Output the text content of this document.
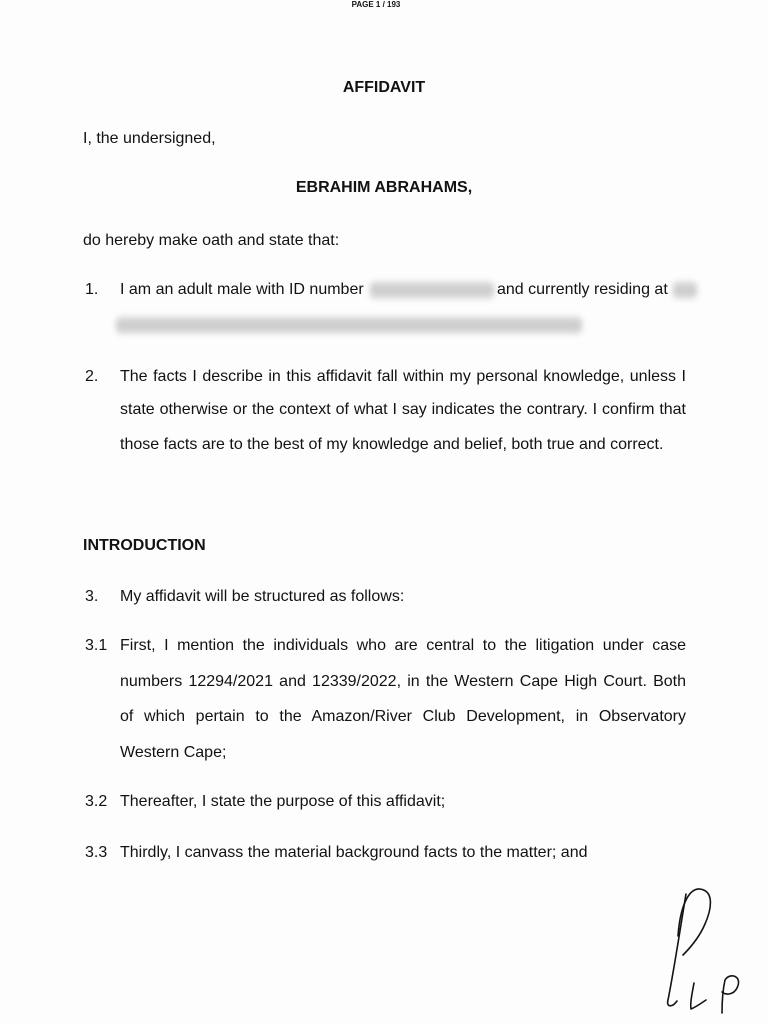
PAGE 1 / 193
AFFIDAVIT
I, the undersigned,
EBRAHIM ABRAHAMS,
do hereby make oath and state that:
1. I am an adult male with ID number	and currently residing at
2. The facts I describe in this affidavit fall within my personal knowledge, unless I
state otherwise or the context of what I say indicates the contrary. I confirm that
those facts are to the best of my knowledge and belief, both true and correct.
INTRODUCTION
3. My affidavit will be structured as follows:
3.1 First, I mention the individuals who are central to the litigation under case
numbers 12294/2021 and 12339/2022, in the Western Cape High Court. Both
of which pertain to the Amazon/River Club Development, in Observatory
Western Cape;
3.2 Thereafter, I state the purpose of this affidavit;
3.3 Thirdly, I canvass the material background facts to the matter; and
